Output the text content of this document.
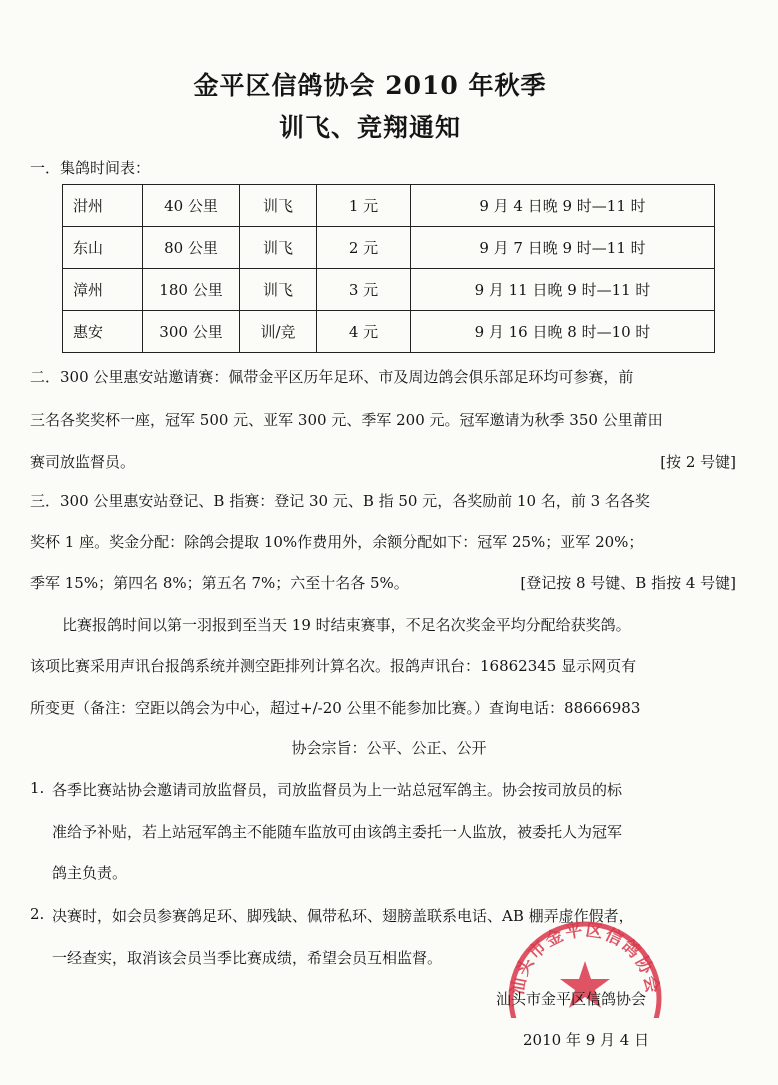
金平区信鸽协会 2010 年秋季
训飞、竞翔通知
一．集鸽时间表：
泔州	40 公里	训飞	1 元	9 月 4 日晚 9 时—11 时
东山	80 公里	训飞	2 元	9 月 7 日晚 9 时—11 时
漳州	180 公里	训飞	3 元	9 月 11 日晚 9 时—11 时
惠安	300 公里	训/竞	4 元	9 月 16 日晚 8 时—10 时
二．300 公里惠安站邀请赛：佩带金平区历年足环、市及周边鸽会俱乐部足环均可参赛，前
三名各奖奖杯一座，冠军 500 元、亚军 300 元、季军 200 元。冠军邀请为秋季 350 公里莆田
赛司放监督员。	[按 2 号键]
三．300 公里惠安站登记、B 指赛：登记 30 元、B 指 50 元，各奖励前 10 名，前 3 名各奖
奖杯 1 座。奖金分配：除鸽会提取 10%作费用外，余额分配如下：冠军 25%；亚军 20%；
季军 15%；第四名 8%；第五名 7%；六至十名各 5%。	[登记按 8 号键、B 指按 4 号键]
比赛报鸽时间以第一羽报到至当天 19 时结束赛事，不足名次奖金平均分配给获奖鸽。
该项比赛采用声讯台报鸽系统并测空距排列计算名次。报鸽声讯台：16862345 显示网页有
所变更（备注：空距以鸽会为中心，超过+/-20 公里不能参加比赛。）查询电话：88666983
协会宗旨：公平、公正、公开
1. 各季比赛站协会邀请司放监督员，司放监督员为上一站总冠军鸽主。协会按司放员的标
准给予补贴，若上站冠军鸽主不能随车监放可由该鸽主委托一人监放，被委托人为冠军
鸽主负责。
2. 决赛时，如会员参赛鸽足环、脚残缺、佩带私环、翅膀盖联系电话、AB 棚弄虚作假者，
一经查实，取消该会员当季比赛成绩，希望会员互相监督。
汕头市金平区信鸽协会
汕头市金平区信鸽协会
2010 年 9 月 4 日
